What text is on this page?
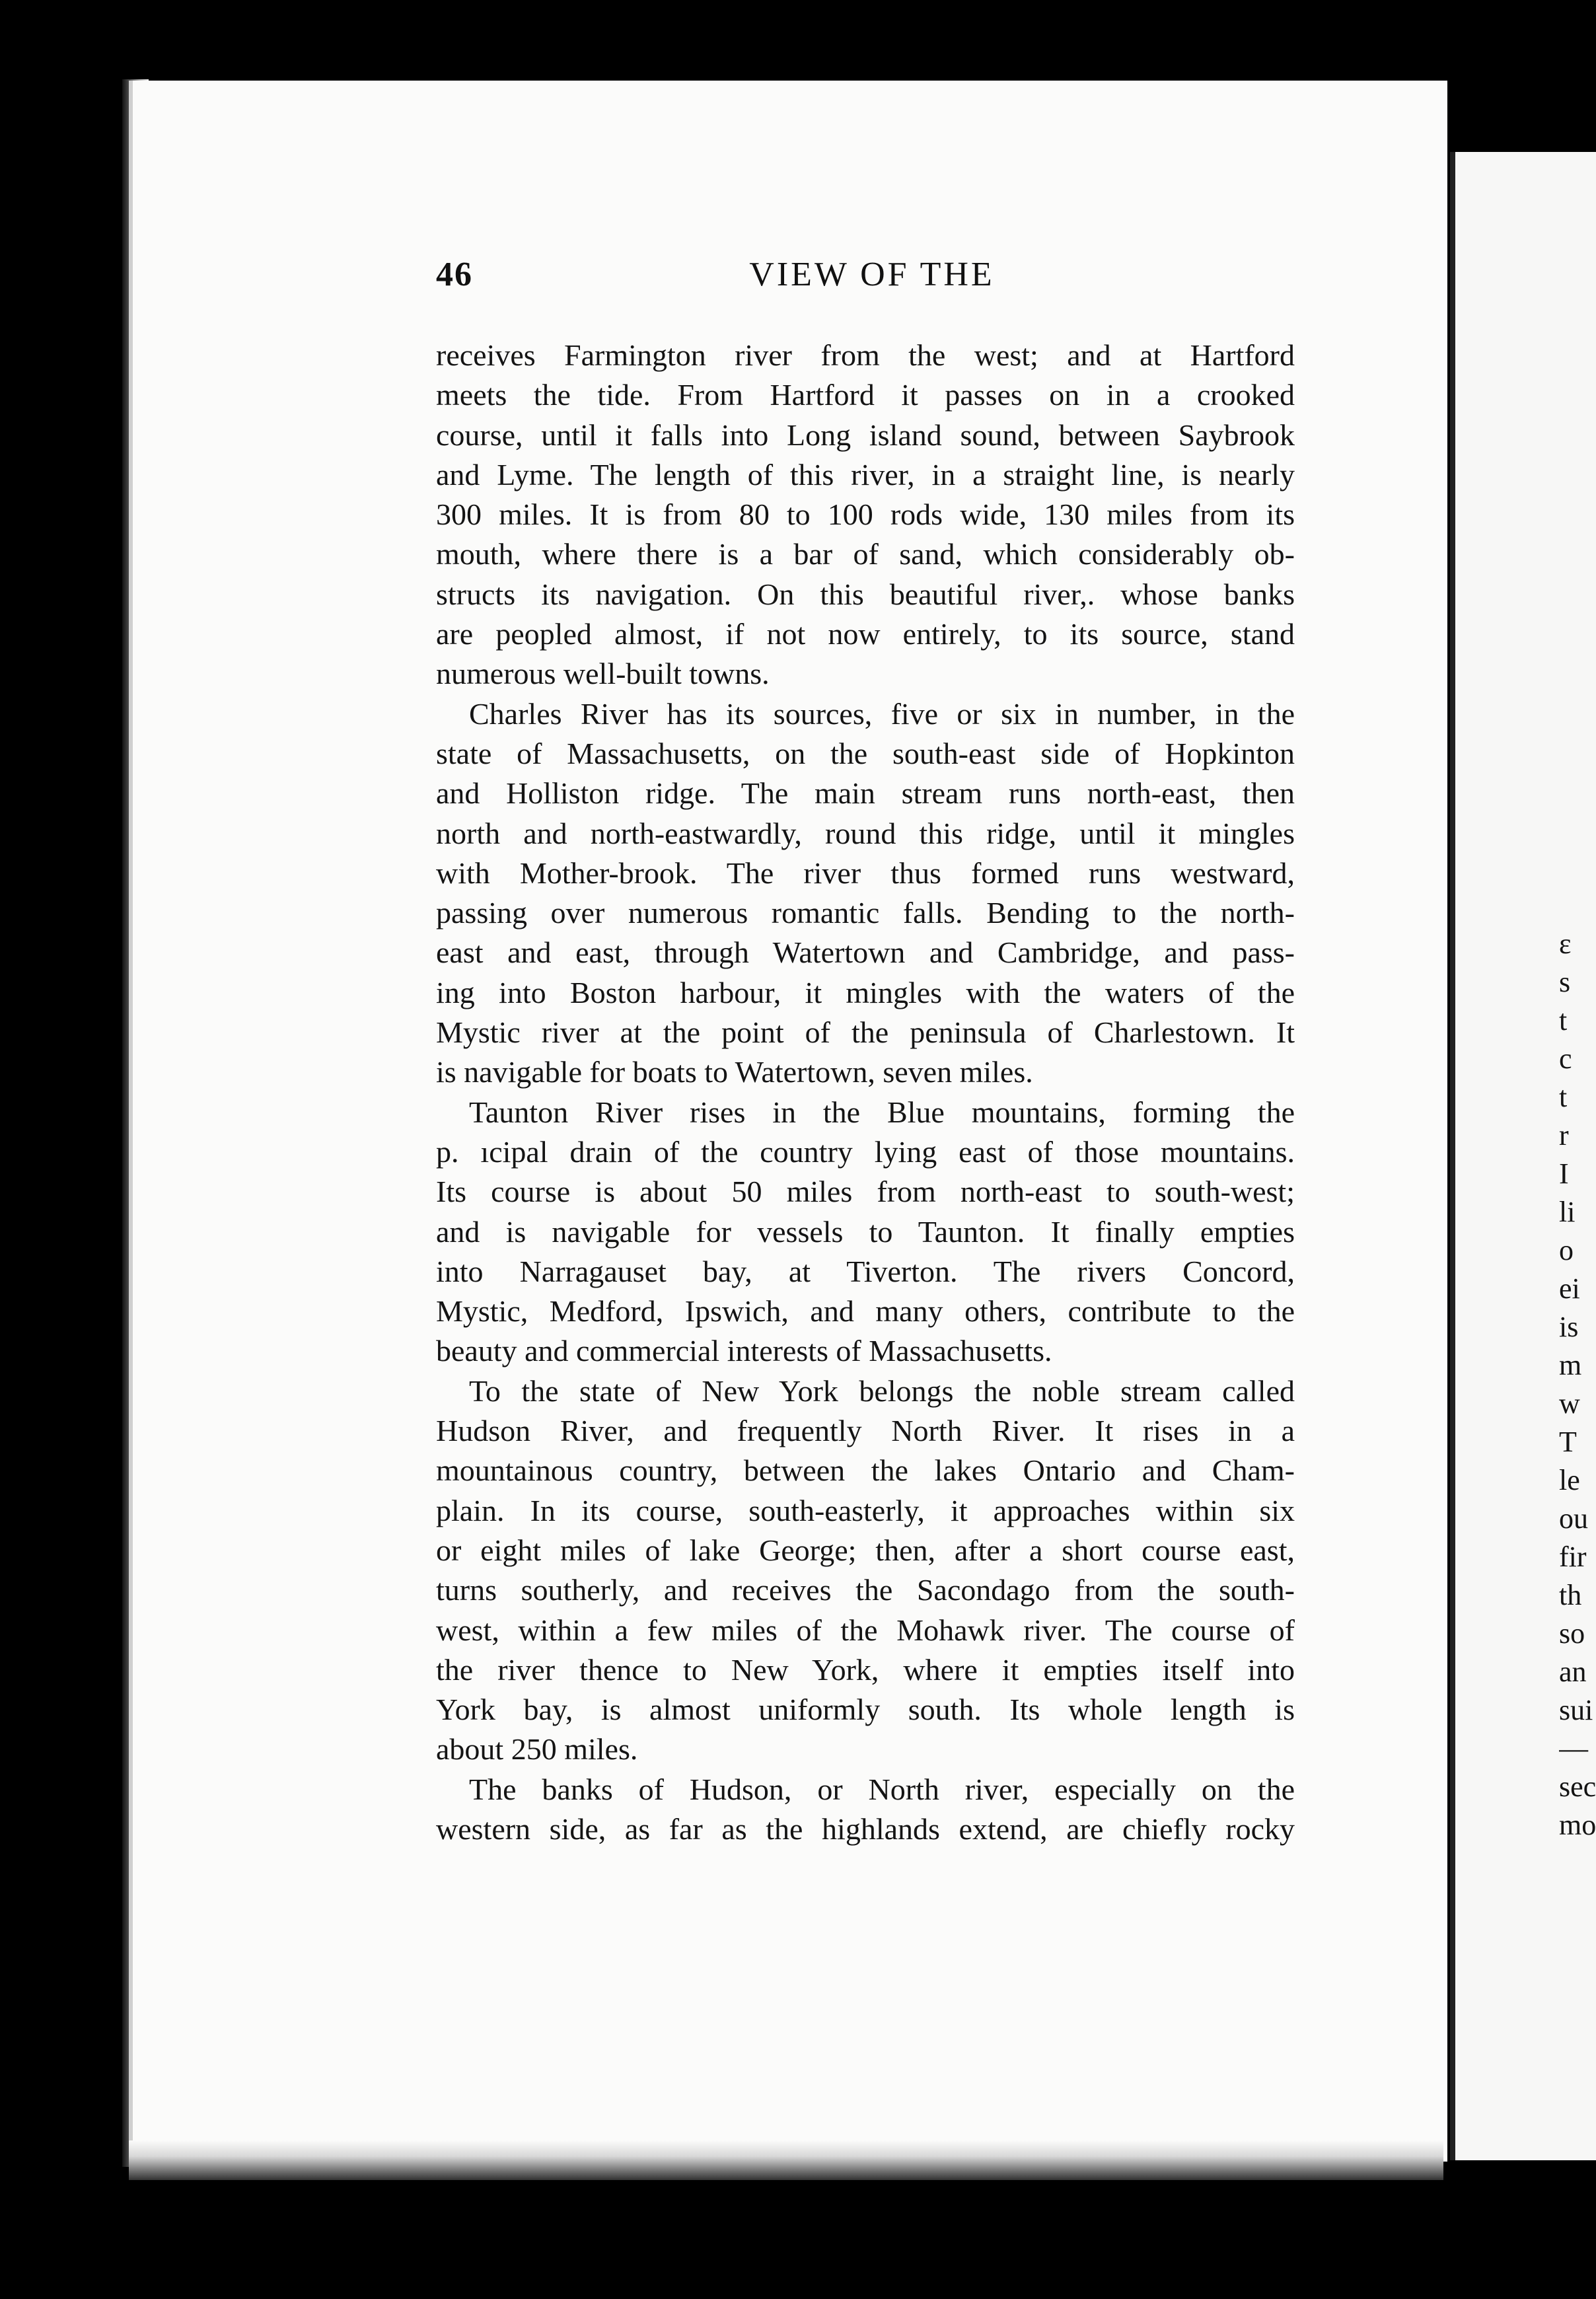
46	VIEW OF THE
receives Farmington river from the west; and at Hartford
meets the tide. From Hartford it passes on in a crooked
course, until it falls into Long island sound, between Saybrook
and Lyme. The length of this river, in a straight line, is nearly
300 miles. It is from 80 to 100 rods wide, 130 miles from its
mouth, where there is a bar of sand, which considerably ob-
structs its navigation. On this beautiful river,. whose banks
are peopled almost, if not now entirely, to its source, stand
numerous well-built towns.
Charles River has its sources, five or six in number, in the
state of Massachusetts, on the south-east side of Hopkinton
and Holliston ridge. The main stream runs north-east, then
north and north-eastwardly, round this ridge, until it mingles
with Mother-brook. The river thus formed runs westward,
passing over numerous romantic falls. Bending to the north-
east and east, through Watertown and Cambridge, and pass-
ing into Boston harbour, it mingles with the waters of the
Mystic river at the point of the peninsula of Charlestown. It
is navigable for boats to Watertown, seven miles.
Taunton River rises in the Blue mountains, forming the
p. ıcipal drain of the country lying east of those mountains.
Its course is about 50 miles from north-east to south-west;
and is navigable for vessels to Taunton. It finally empties
into Narragauset bay, at Tiverton. The rivers Concord,
Mystic, Medford, Ipswich, and many others, contribute to the
beauty and commercial interests of Massachusetts.
To the state of New York belongs the noble stream called
Hudson River, and frequently North River. It rises in a
mountainous country, between the lakes Ontario and Cham-
plain. In its course, south-easterly, it approaches within six
or eight miles of lake George; then, after a short course east,
turns southerly, and receives the Sacondago from the south-
west, within a few miles of the Mohawk river. The course of
the river thence to New York, where it empties itself into
York bay, is almost uniformly south. Its whole length is
about 250 miles.
The banks of Hudson, or North river, especially on the
western side, as far as the highlands extend, are chiefly rocky
ɛ
s
t
c
t
r
I
li
o
ei
is
m
w
T
le
ou
fir
th
so
an
sui
—
sec
mo
